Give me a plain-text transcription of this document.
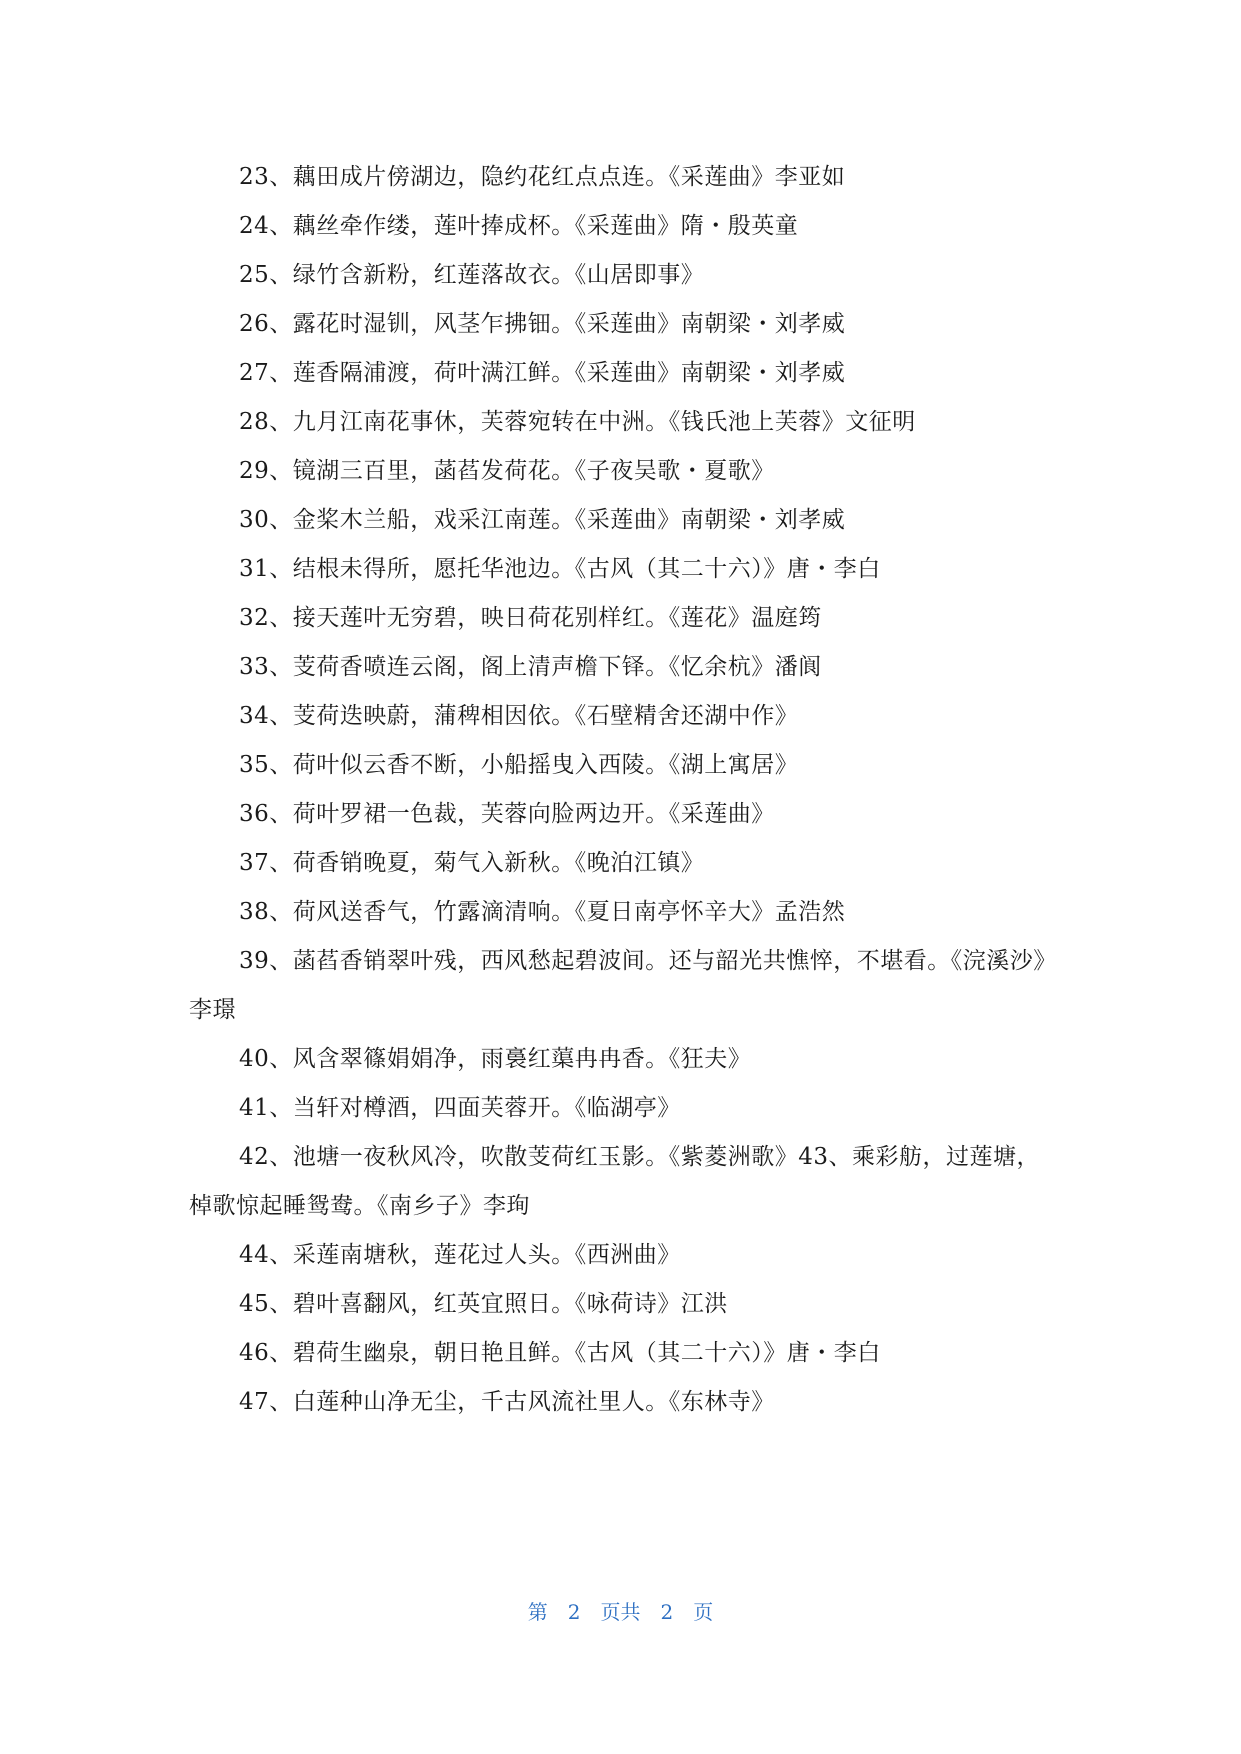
23、藕田成片傍湖边，隐约花红点点连。《采莲曲》李亚如

24、藕丝牵作缕，莲叶捧成杯。《采莲曲》隋・殷英童

25、绿竹含新粉，红莲落故衣。《山居即事》

26、露花时湿钏，风茎乍拂钿。《采莲曲》南朝梁・刘孝威

27、莲香隔浦渡，荷叶满江鲜。《采莲曲》南朝梁・刘孝威

28、九月江南花事休，芙蓉宛转在中洲。《钱氏池上芙蓉》文征明

29、镜湖三百里，菡萏发荷花。《子夜吴歌・夏歌》

30、金桨木兰船，戏采江南莲。《采莲曲》南朝梁・刘孝威

31、结根未得所，愿托华池边。《古风（其二十六）》唐・李白

32、接天莲叶无穷碧，映日荷花别样红。《莲花》温庭筠

33、芰荷香喷连云阁，阁上清声檐下铎。《忆余杭》潘阆

34、芰荷迭映蔚，蒲稗相因依。《石壁精舍还湖中作》

35、荷叶似云香不断，小船摇曳入西陵。《湖上寓居》

36、荷叶罗裙一色裁，芙蓉向脸两边开。《采莲曲》

37、荷香销晚夏，菊气入新秋。《晚泊江镇》

38、荷风送香气，竹露滴清响。《夏日南亭怀辛大》孟浩然

39、菡萏香销翠叶残，西风愁起碧波间。还与韶光共憔悴，不堪看。《浣溪沙》李璟

40、风含翠篠娟娟净，雨裛红蕖冉冉香。《狂夫》

41、当轩对樽酒，四面芙蓉开。《临湖亭》

42、池塘一夜秋风冷，吹散芰荷红玉影。《紫菱洲歌》43、乘彩舫，过莲塘，棹歌惊起睡鸳鸯。《南乡子》李珣

44、采莲南塘秋，莲花过人头。《西洲曲》

45、碧叶喜翻风，红英宜照日。《咏荷诗》江洪

46、碧荷生幽泉，朝日艳且鲜。《古风（其二十六）》唐・李白

47、白莲种山净无尘，千古风流社里人。《东林寺》

第 2 页共 2 页
